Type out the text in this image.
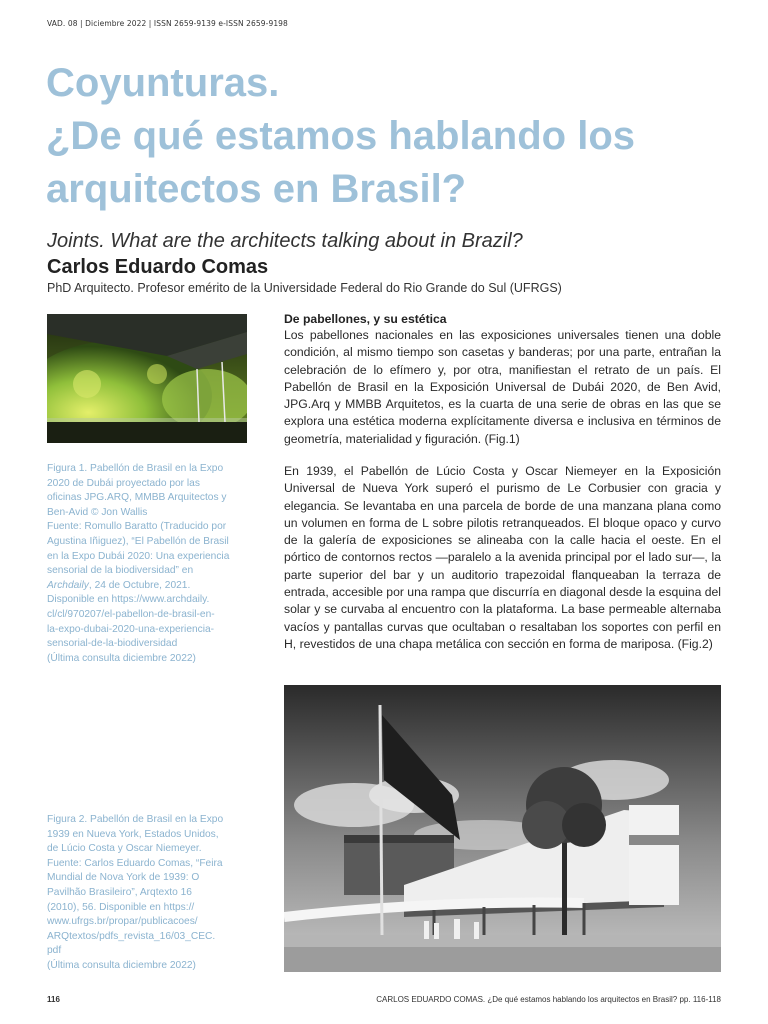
VAD. 08 | Diciembre 2022 | ISSN 2659-9139 e-ISSN 2659-9198
Coyunturas.
¿De qué estamos hablando los
arquitectos en Brasil?
Joints. What are the architects talking about in Brazil?
Carlos Eduardo Comas
PhD Arquitecto. Profesor emérito de la Universidade Federal do Rio Grande do Sul (UFRGS)
Figura 1. Pabellón de Brasil en la Expo
2020 de Dubái proyectado por las
oficinas JPG.ARQ, MMBB Arquitectos y
Ben-Avid © Jon Wallis
Fuente: Romullo Baratto (Traducido por
Agustina Iñiguez), “El Pabellón de Brasil
en la Expo Dubái 2020: Una experiencia
sensorial de la biodiversidad” en
Archdaily, 24 de Octubre, 2021.
Disponible en https://www.archdaily.
cl/cl/970207/el-pabellon-de-brasil-en-
la-expo-dubai-2020-una-experiencia-
sensorial-de-la-biodiversidad
(Última consulta diciembre 2022)
De pabellones, y su estética
Los pabellones nacionales en las exposiciones universales tienen una doble condición, al mismo tiempo son casetas y banderas; por una parte, entrañan la celebración de lo efímero y, por otra, manifiestan el retrato de un país. El Pabellón de Brasil en la Exposición Universal de Dubái 2020, de Ben Avid, JPG.Arq y MMBB Arquitetos, es la cuarta de una serie de obras en las que se explora una estética moderna explícitamente diversa e inclusiva en términos de geometría, materialidad y figuración. (Fig.1)
En 1939, el Pabellón de Lúcio Costa y Oscar Niemeyer en la Exposición Universal de Nueva York superó el purismo de Le Corbusier con gracia y elegancia. Se levantaba en una parcela de borde de una manzana plana como un volumen en forma de L sobre pilotis retranqueados. El bloque opaco y curvo de la galería de exposiciones se alineaba con la calle hacia el oeste. En el pórtico de contornos rectos —paralelo a la avenida principal por el lado sur—, la parte superior del bar y un auditorio trapezoidal flanqueaban la terraza de entrada, accesible por una rampa que discurría en diagonal desde la esquina del solar y se curvaba al encuentro con la plataforma. La base permeable alternaba vacíos y pantallas curvas que ocultaban o resaltaban los soportes con perfil en H, revestidos de una chapa metálica con sección en forma de mariposa. (Fig.2)
Figura 2. Pabellón de Brasil en la Expo
1939 en Nueva York, Estados Unidos,
de Lúcio Costa y Oscar Niemeyer.
Fuente: Carlos Eduardo Comas, “Feira
Mundial de Nova York de 1939: O
Pavilhão Brasileiro”, Arqtexto 16
(2010), 56. Disponible en https://
www.ufrgs.br/propar/publicacoes/
ARQtextos/pdfs_revista_16/03_CEC.
pdf
(Última consulta diciembre 2022)
116	CARLOS EDUARDO COMAS. ¿De qué estamos hablando los arquitectos en Brasil? pp. 116-118
